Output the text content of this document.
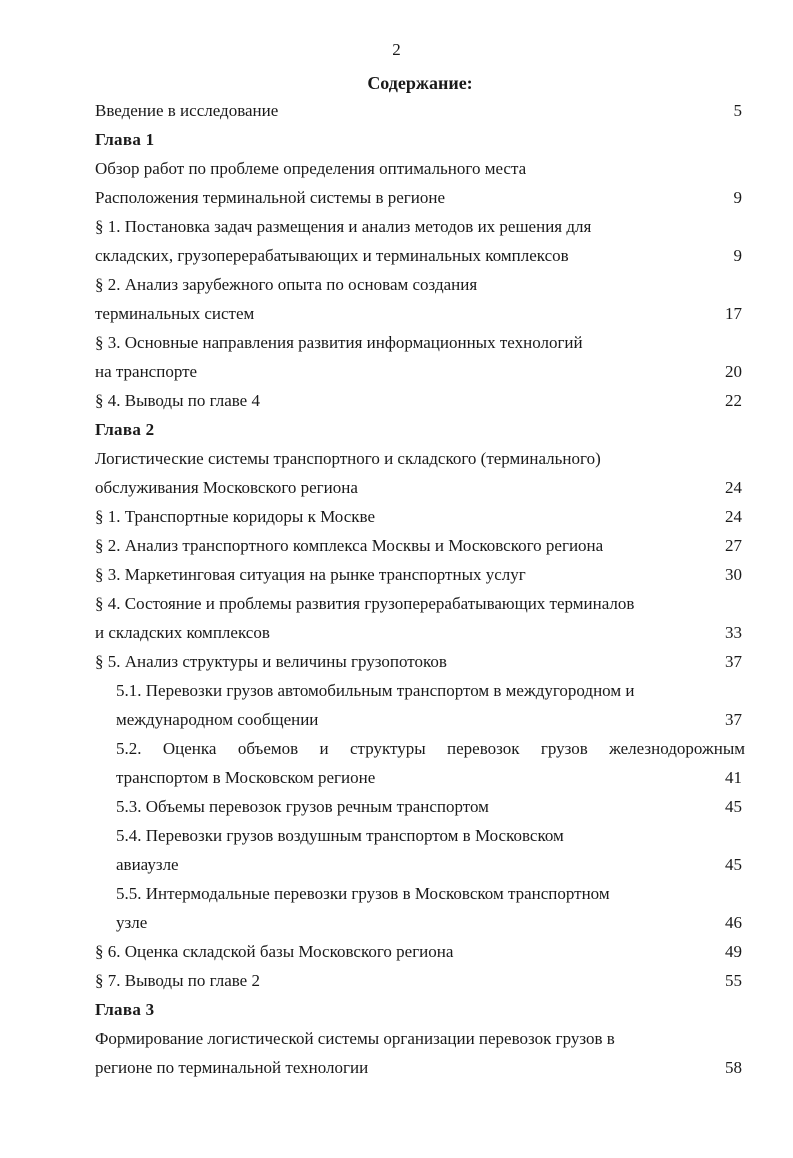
2
Содержание:
Введение в исследование	5
Глава 1
Обзор работ по проблеме определения оптимального места
Расположения терминальной системы в регионе	9
§ 1. Постановка задач размещения и анализ методов их решения для
складских, грузоперерабатывающих и терминальных комплексов	9
§ 2. Анализ зарубежного опыта по основам создания
терминальных систем	17
§ 3. Основные направления развития информационных технологий
на транспорте	20
§ 4. Выводы по главе 4	22
Глава 2
Логистические системы транспортного и складского (терминального)
обслуживания Московского региона	24
§ 1. Транспортные коридоры к Москве	24
§ 2. Анализ транспортного комплекса Москвы и Московского региона	27
§ 3. Маркетинговая ситуация на рынке транспортных услуг	30
§ 4. Состояние и проблемы развития грузоперерабатывающих терминалов
и складских комплексов	33
§ 5. Анализ структуры и величины грузопотоков	37
5.1. Перевозки грузов автомобильным транспортом в междугородном и
международном сообщении	37
5.2. Оценка объемов и структуры перевозок грузов железнодорожным
транспортом в Московском регионе	41
5.3. Объемы перевозок грузов речным транспортом	45
5.4. Перевозки грузов воздушным транспортом в Московском
авиаузле	45
5.5. Интермодальные перевозки грузов в Московском транспортном
узле	46
§ 6. Оценка складской базы Московского региона	49
§ 7. Выводы по главе 2	55
Глава 3
Формирование логистической системы организации перевозок грузов в
регионе по терминальной технологии	58
